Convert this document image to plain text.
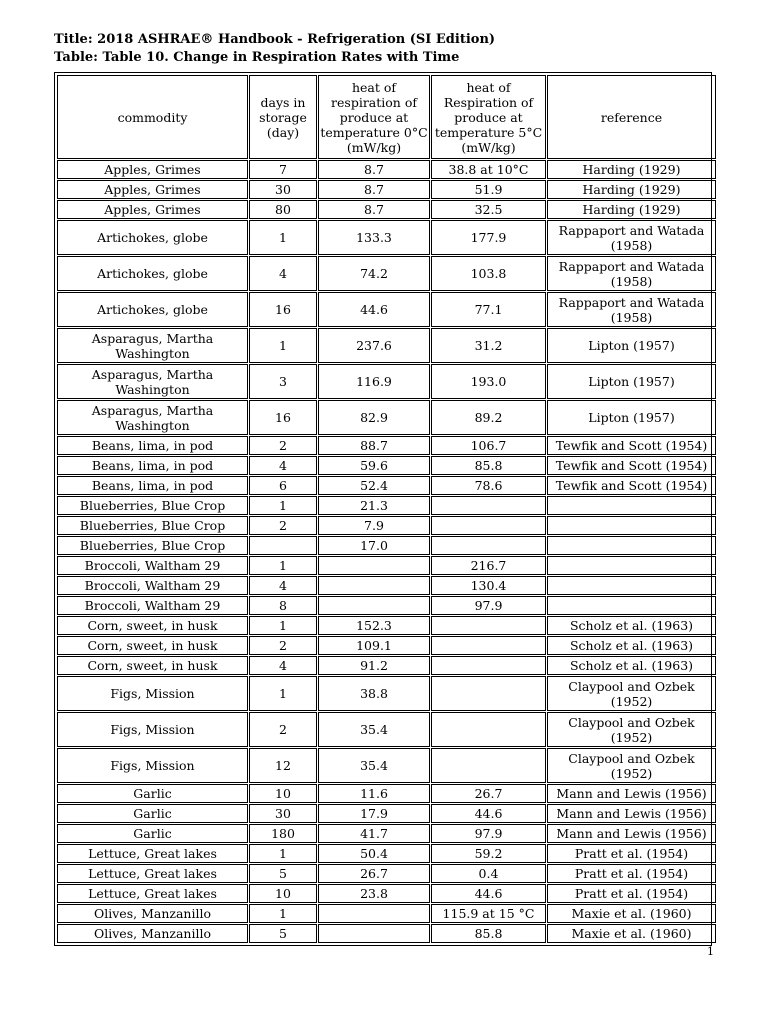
Title: 2018 ASHRAE® Handbook - Refrigeration (SI Edition)
Table: Table 10. Change in Respiration Rates with Time
commodity	days in storage (day)	heat of respiration of produce at temperature 0°C (mW/kg)	heat of Respiration of produce at temperature 5°C (mW/kg)	reference
Apples, Grimes	7	8.7	38.8 at 10°C	Harding (1929)
Apples, Grimes	30	8.7	51.9	Harding (1929)
Apples, Grimes	80	8.7	32.5	Harding (1929)
Artichokes, globe	1	133.3	177.9	Rappaport and Watada (1958)
Artichokes, globe	4	74.2	103.8	Rappaport and Watada (1958)
Artichokes, globe	16	44.6	77.1	Rappaport and Watada (1958)
Asparagus, Martha Washington	1	237.6	31.2	Lipton (1957)
Asparagus, Martha Washington	3	116.9	193.0	Lipton (1957)
Asparagus, Martha Washington	16	82.9	89.2	Lipton (1957)
Beans, lima, in pod	2	88.7	106.7	Tewfik and Scott (1954)
Beans, lima, in pod	4	59.6	85.8	Tewfik and Scott (1954)
Beans, lima, in pod	6	52.4	78.6	Tewfik and Scott (1954)
Blueberries, Blue Crop	1	21.3		
Blueberries, Blue Crop	2	7.9		
Blueberries, Blue Crop		17.0		
Broccoli, Waltham 29	1		216.7	
Broccoli, Waltham 29	4		130.4	
Broccoli, Waltham 29	8		97.9	
Corn, sweet, in husk	1	152.3		Scholz et al. (1963)
Corn, sweet, in husk	2	109.1		Scholz et al. (1963)
Corn, sweet, in husk	4	91.2		Scholz et al. (1963)
Figs, Mission	1	38.8		Claypool and Ozbek (1952)
Figs, Mission	2	35.4		Claypool and Ozbek (1952)
Figs, Mission	12	35.4		Claypool and Ozbek (1952)
Garlic	10	11.6	26.7	Mann and Lewis (1956)
Garlic	30	17.9	44.6	Mann and Lewis (1956)
Garlic	180	41.7	97.9	Mann and Lewis (1956)
Lettuce, Great lakes	1	50.4	59.2	Pratt et al. (1954)
Lettuce, Great lakes	5	26.7	0.4	Pratt et al. (1954)
Lettuce, Great lakes	10	23.8	44.6	Pratt et al. (1954)
Olives, Manzanillo	1		115.9 at 15 °C	Maxie et al. (1960)
Olives, Manzanillo	5		85.8	Maxie et al. (1960)
1
